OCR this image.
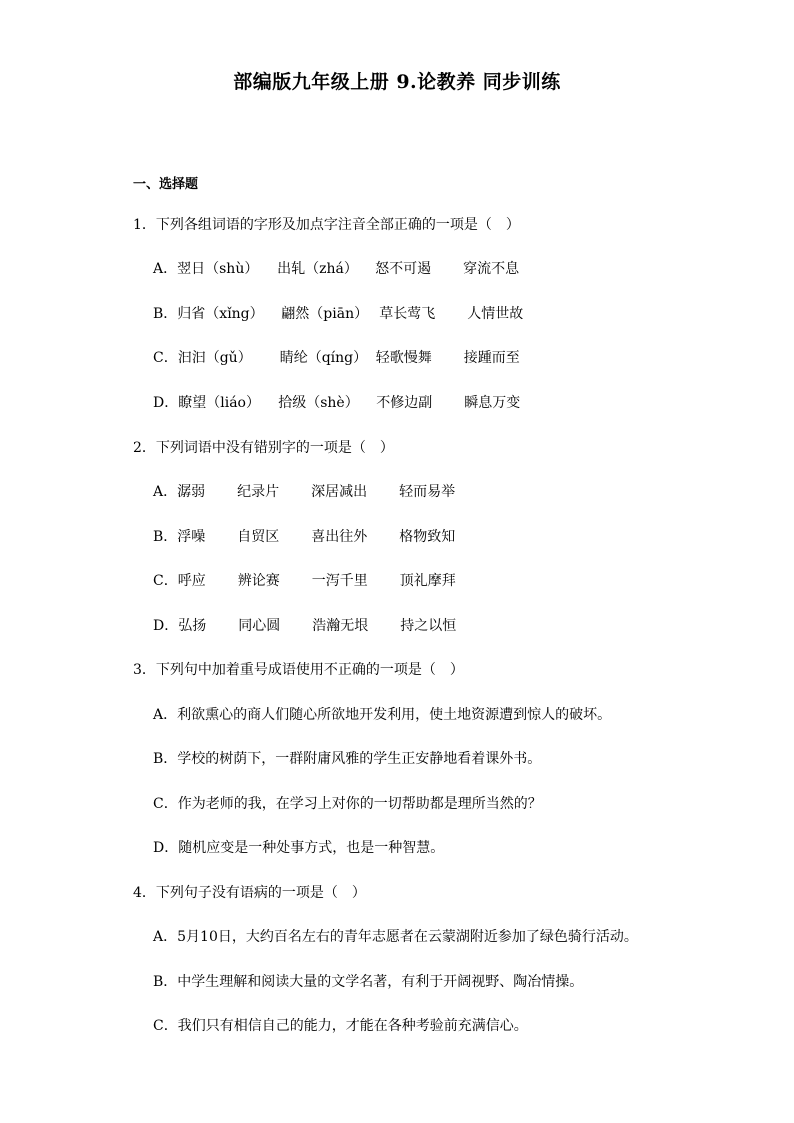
部编版九年级上册 9.论教养 同步训练
一、选择题
1．下列各组词语的字形及加点字注音全部正确的一项是（　）
A．翌日（shù） 出轧（zhá） 怒不可遏 穿流不息
B．归省（xǐng） 翩然（piān） 草长莺飞 人情世故
C．汩汩（gǔ） 睛纶（qíng） 轻歌慢舞 接踵而至
D．瞭望（liáo） 拾级（shè） 不修边副 瞬息万变
2．下列词语中没有错别字的一项是（　）
A．潺弱 纪录片 深居减出 轻而易举
B．浮噪 自贸区 喜出往外 格物致知
C．呼应 辨论赛 一泻千里 顶礼摩拜
D．弘扬 同心圆 浩瀚无垠 持之以恒
3．下列句中加着重号成语使用不正确的一项是（　）
A．利欲熏心的商人们随心所欲地开发利用，使土地资源遭到惊人的破坏。
B．学校的树荫下，一群附庸风雅的学生正安静地看着课外书。
C．作为老师的我，在学习上对你的一切帮助都是理所当然的？
D．随机应变是一种处事方式，也是一种智慧。
4．下列句子没有语病的一项是（　）
A．5月10日，大约百名左右的青年志愿者在云蒙湖附近参加了绿色骑行活动。
B．中学生理解和阅读大量的文学名著，有利于开阔视野、陶冶情操。
C．我们只有相信自己的能力，才能在各种考验前充满信心。
